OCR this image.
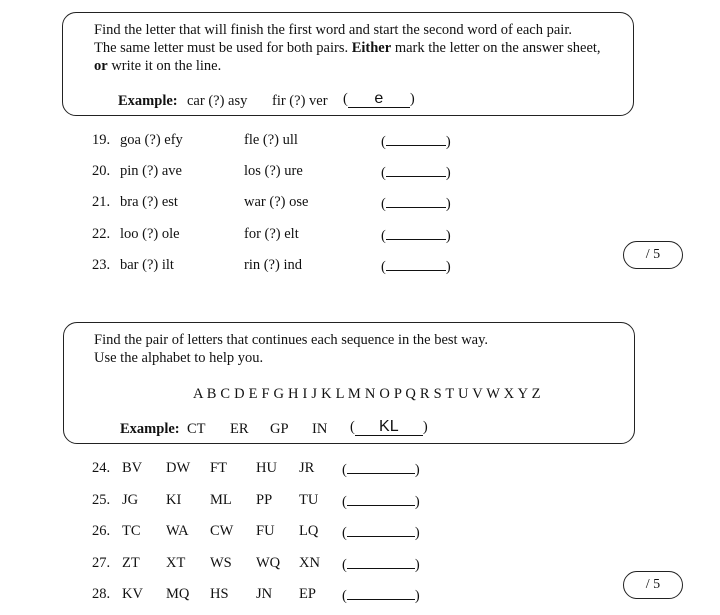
Find the letter that will finish the first word and start the second word of each pair.
The same letter must be used for both pairs. Either mark the letter on the answer sheet,
or write it on the line.
Example: car (?) asy fir (?) ver ( e )
19. goa (?) efy	fle (?) ull	(	)
20. pin (?) ave	los (?) ure	(	)
21. bra (?) est	war (?) ose	(	)
22. loo (?) ole	for (?) elt	(	)
23. bar (?) ilt	rin (?) ind	(	)
/ 5
Find the pair of letters that continues each sequence in the best way.
Use the alphabet to help you.
A B C D E F G H I J K L M N O P Q R S T U V W X Y Z
Example: CT ER GP IN ( KL )
24. BV DW FT HU JR (	)
25. JG KI ML PP TU (	)
26. TC WA CW FU LQ (	)
27. ZT XT WS WQ XN (	)
28. KV MQ HS JN EP (	)
/ 5
